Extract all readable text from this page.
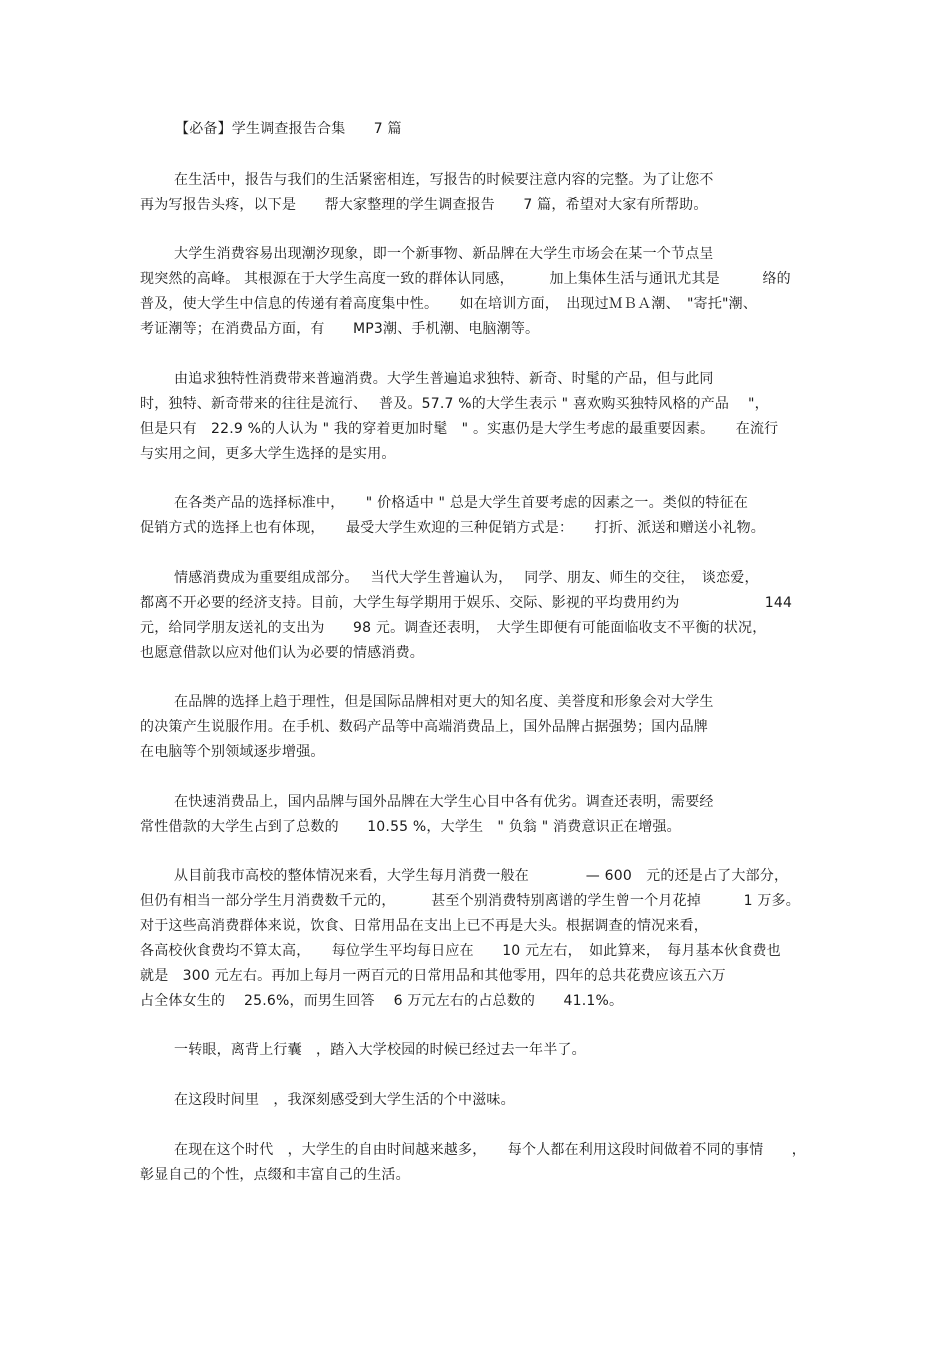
【必备】学生调查报告合集　　7 篇
在生活中，报告与我们的生活紧密相连，写报告的时候要注意内容的完整。为了让您不
再为写报告头疼，以下是　　帮大家整理的学生调查报告　　7 篇，希望对大家有所帮助。
大学生消费容易出现潮汐现象，即一个新事物、新品牌在大学生市场会在某一个节点呈
现突然的高峰。 其根源在于大学生高度一致的群体认同感，　　　加上集体生活与通讯尤其是　　　络的
普及，使大学生中信息的传递有着高度集中性。　　如在培训方面，　出现过ＭＢＡ潮、　"寄托"潮、
考证潮等；在消费品方面，有　　MP3潮、手机潮、电脑潮等。
由追求独特性消费带来普遍消费。大学生普遍追求独特、新奇、时髦的产品，但与此同
时，独特、新奇带来的往往是流行、　 普及。57.7 %的大学生表示 " 喜欢购买独特风格的产品　 "，
但是只有　22.9 %的人认为 " 我的穿着更加时髦　" 。实惠仍是大学生考虑的最重要因素。　　在流行
与实用之间，更多大学生选择的是实用。
在各类产品的选择标准中，　　" 价格适中 " 总是大学生首要考虑的因素之一。类似的特征在
促销方式的选择上也有体现，　　最受大学生欢迎的三种促销方式是：　　打折、派送和赠送小礼物。
情感消费成为重要组成部分。　 当代大学生普遍认为，　 同学、朋友、师生的交往，　谈恋爱，
都离不开必要的经济支持。目前，大学生每学期用于娱乐、交际、影视的平均费用约为　　　　　　144
元，给同学朋友送礼的支出为　　98 元。调查还表明，　大学生即便有可能面临收支不平衡的状况，
也愿意借款以应对他们认为必要的情感消费。
在品牌的选择上趋于理性，但是国际品牌相对更大的知名度、美誉度和形象会对大学生
的决策产生说服作用。在手机、数码产品等中高端消费品上，国外品牌占据强势；国内品牌
在电脑等个别领域逐步增强。
在快速消费品上，国内品牌与国外品牌在大学生心目中各有优劣。调查还表明，需要经
常性借款的大学生占到了总数的　　10.55 %，大学生　" 负翁 " 消费意识正在增强。
从目前我市高校的整体情况来看，大学生每月消费一般在　　　　— 600　元的还是占了大部分，
但仍有相当一部分学生月消费数千元的，　　　甚至个别消费特别离谱的学生曾一个月花掉　　　1 万多。
对于这些高消费群体来说，饮食、日常用品在支出上已不再是大头。根据调查的情况来看，
各高校伙食费均不算太高，　　每位学生平均每日应在　　10 元左右，　如此算来，　每月基本伙食费也
就是　300 元左右。再加上每月一两百元的日常用品和其他零用，四年的总共花费应该五六万
占全体女生的　 25.6%，而男生回答　 6 万元左右的占总数的　　41.1%。
一转眼，离背上行囊　，踏入大学校园的时候已经过去一年半了。
在这段时间里　，我深刻感受到大学生活的个中滋味。
在现在这个时代　，大学生的自由时间越来越多，　　每个人都在利用这段时间做着不同的事情　　，
彰显自己的个性，点缀和丰富自己的生活。
